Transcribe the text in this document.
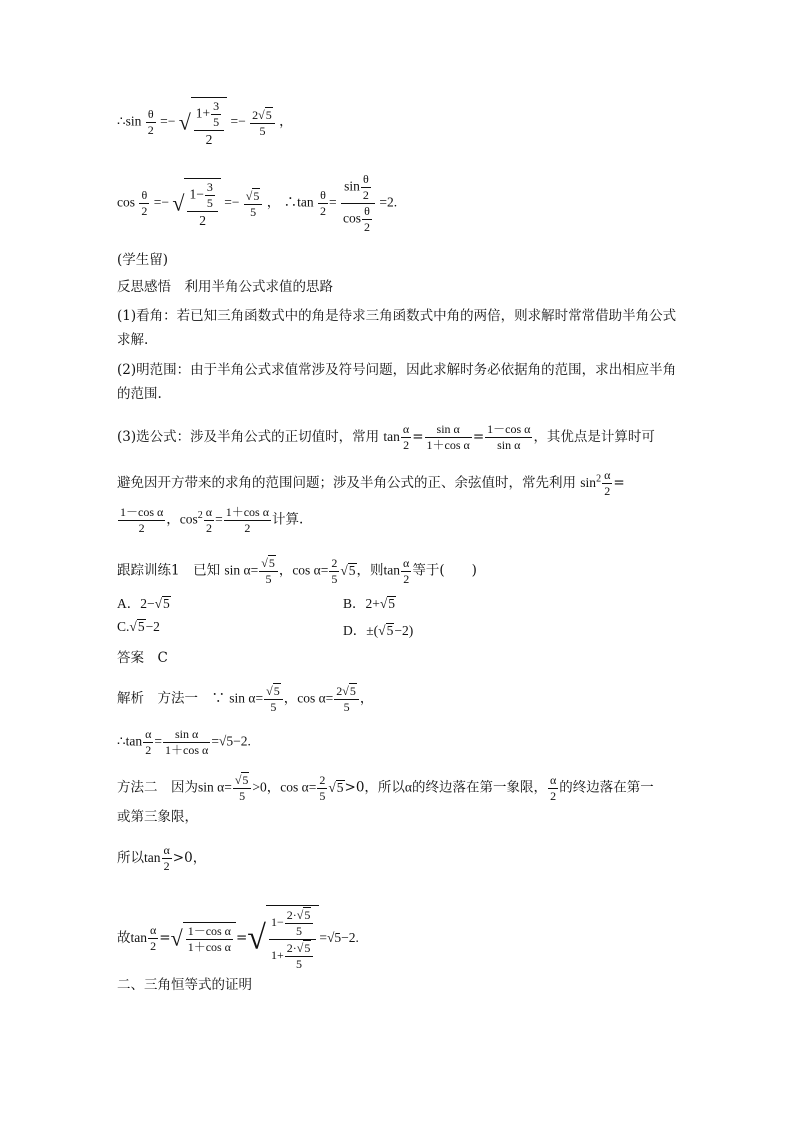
∴sin $\frac{\theta}{2}$ =− √ $\frac{1+ \frac{3}{5}}{2} =- \frac{2√5}{5}$ ，
$\cos \frac{\theta}{2}$ =− √ $\frac{1- \frac{3}{5}}{2} =- \frac{√5}{5}$ ， ∴tan $\frac{\theta}{2} = \frac{\sin \frac{\theta}{2}}{\cos \frac{\theta}{2}} =2$.
(学生留)
反思感悟　利用半角公式求值的思路
(1)看角：若已知三角函数式中的角是待求三角函数式中角的两倍，则求解时常常借助半角公式求解.
(2)明范围：由于半角公式求值常涉及符号问题，因此求解时务必依据角的范围，求出相应半角的范围.
(3)选公式：涉及半角公式的正切值时，常用 $\tan \frac{\alpha}{2} = \frac{\text{sin α}}{\text{1＋cos α}} = \frac{\text{1－cos α}}{\text{sin α}}$ ，其优点是计算时可
避免因开方带来的求角的范围问题；涉及半角公式的正、余弦值时，常先利用 $\sin^2 \frac{\alpha}{2}$ =
$\frac{\text{1－cos α}}{2}$ ，$\cos^2 \frac{\alpha}{2} = \frac{\text{1＋cos α}}{2}$ 计算.
跟踪训练1　已知 $\sin \alpha= \frac{√5}{5}$ ，$\cos \alpha= \frac{2}{5} √5$，则$\tan \frac{\alpha}{2}$ 等于(　　)
A．2−√5	B．2+√5
C.√5−2	D．±(√5−2)
答案　C
解析　方法一　∵ $\sin \alpha= \frac{√5}{5}$ ，$\cos \alpha= \frac{2√5}{5}$ ，
∴tan $\frac{\alpha}{2} = \frac{\text{sin α}}{\text{1＋cos α}} =√5-2$.
方法二　因为$\sin \alpha= \frac{√5}{5} >0$，$\cos \alpha= \frac{2}{5} √5>0$，所以α的终边落在第一象限， $\frac{\alpha}{2}$ 的终边落在第一
或第三象限，
所以$\tan \frac{\alpha}{2} >0$，
故$\tan \frac{\alpha}{2}$ =√ $\frac{\text{1－cos α}}{\text{1＋cos α}}$ =√ $\frac{1- \frac{2\cdot√5}{5}}{1+ \frac{2\cdot√5}{5}} =√5-2$.
二、三角恒等式的证明
